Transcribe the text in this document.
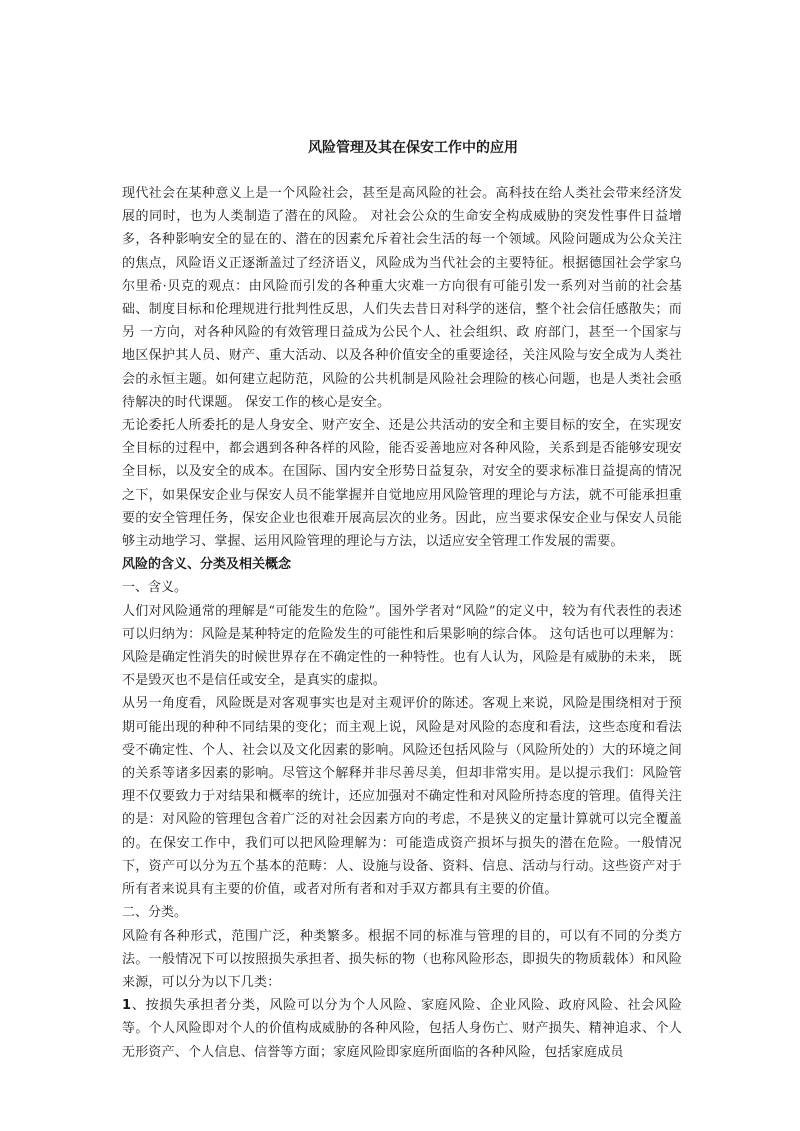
风险管理及其在保安工作中的应用

现代社会在某种意义上是一个风险社会，甚至是高风险的社会。高科技在给人类社会带来经济发展的同时，也为人类制造了潜在的风险。 对社会公众的生命安全构成威胁的突发性事件日益增多，各种影响安全的显在的、潜在的因素允斥着社会生活的每一个领域。风险问题成为公众关注的焦点，风险语义正逐渐盖过了经济语义，风险成为当代社会的主要特征。根据德国社会学家乌尔里希·贝克的观点：由风险而引发的各种重大灾难一方向很有可能引发一系列对当前的社会基础、制度目标和伦理规进行批判性反思，人们失去昔日对科学的迷信，整个社会信任感散失；而另 一方向，对各种风险的有效管理日益成为公民个人、社会组织、政 府部门，甚至一个国家与地区保护其人员、财产、重大活动、以及各种价值安全的重要途径，关注风险与安全成为人类社会的永恒主题。如何建立起防范，风险的公共机制是风险社会理险的核心问题，也是人类社会亟待解决的时代课题。 保安工作的核心是安全。

无论委托人所委托的是人身安全、财产安全、还是公共活动的安全和主要目标的安全，在实现安全目标的过程中，都会遇到各种各样的风险，能否妥善地应对各种风险，关系到是否能够安现安全目标，以及安全的成本。在国际、国内安全形势日益复杂，对安全的要求标准日益提高的情况之下，如果保安企业与保安人员不能掌握并自觉地应用风险管理的理论与方法，就不可能承担重要的安全管理任务，保安企业也很难开展高层次的业务。因此，应当要求保安企业与保安人员能够主动地学习、掌握、运用风险管理的理论与方法，以适应安全管理工作发展的需要。

风险的含义、分类及相关概念

一、含义。

人们对风险通常的理解是“可能发生的危险”。国外学者对“风险”的定义中，较为有代表性的表述可以归纳为：风险是某种特定的危险发生的可能性和后果影响的综合体。 这句话也可以理解为：风险是确定性消失的时候世界存在不确定性的一种特性。也有人认为，风险是有威胁的未来， 既不是毁灭也不是信任或安全，是真实的虚拟。

从另一角度看，风险既是对客观事实也是对主观评价的陈述。客观上来说，风险是围绕相对于预期可能出现的种种不同结果的变化；而主观上说，风险是对风险的态度和看法，这些态度和看法受不确定性、个人、社会以及文化因素的影响。风险还包括风险与（风险所处的）大的环境之间的关系等诸多因素的影响。尽管这个解释并非尽善尽美，但却非常实用。是以提示我们：风险管理不仅要致力于对结果和概率的统计，还应加强对不确定性和对风险所持态度的管理。值得关注的是：对风险的管理包含着广泛的对社会因素方向的考虑，不是狭义的定量计算就可以完全覆盖的。在保安工作中，我们可以把风险理解为：可能造成资产损坏与损失的潜在危险。一般情况下，资产可以分为五个基本的范畴：人、设施与设备、资料、信息、活动与行动。这些资产对于所有者来说具有主要的价值，或者对所有者和对手双方都具有主要的价值。

二、分类。

风险有各种形式，范围广泛，种类繁多。根据不同的标准与管理的目的，可以有不同的分类方法。一般情况下可以按照损失承担者、损失标的物（也称风险形态，即损失的物质载体）和风险来源，可以分为以下几类：

1、按损失承担者分类，风险可以分为个人风险、家庭风险、企业风险、政府风险、社会风险等。个人风险即对个人的价值构成威胁的各种风险，包括人身伤亡、财产损失、精神追求、个人无形资产、个人信息、信誉等方面；家庭风险即家庭所面临的各种风险，包括家庭成员
